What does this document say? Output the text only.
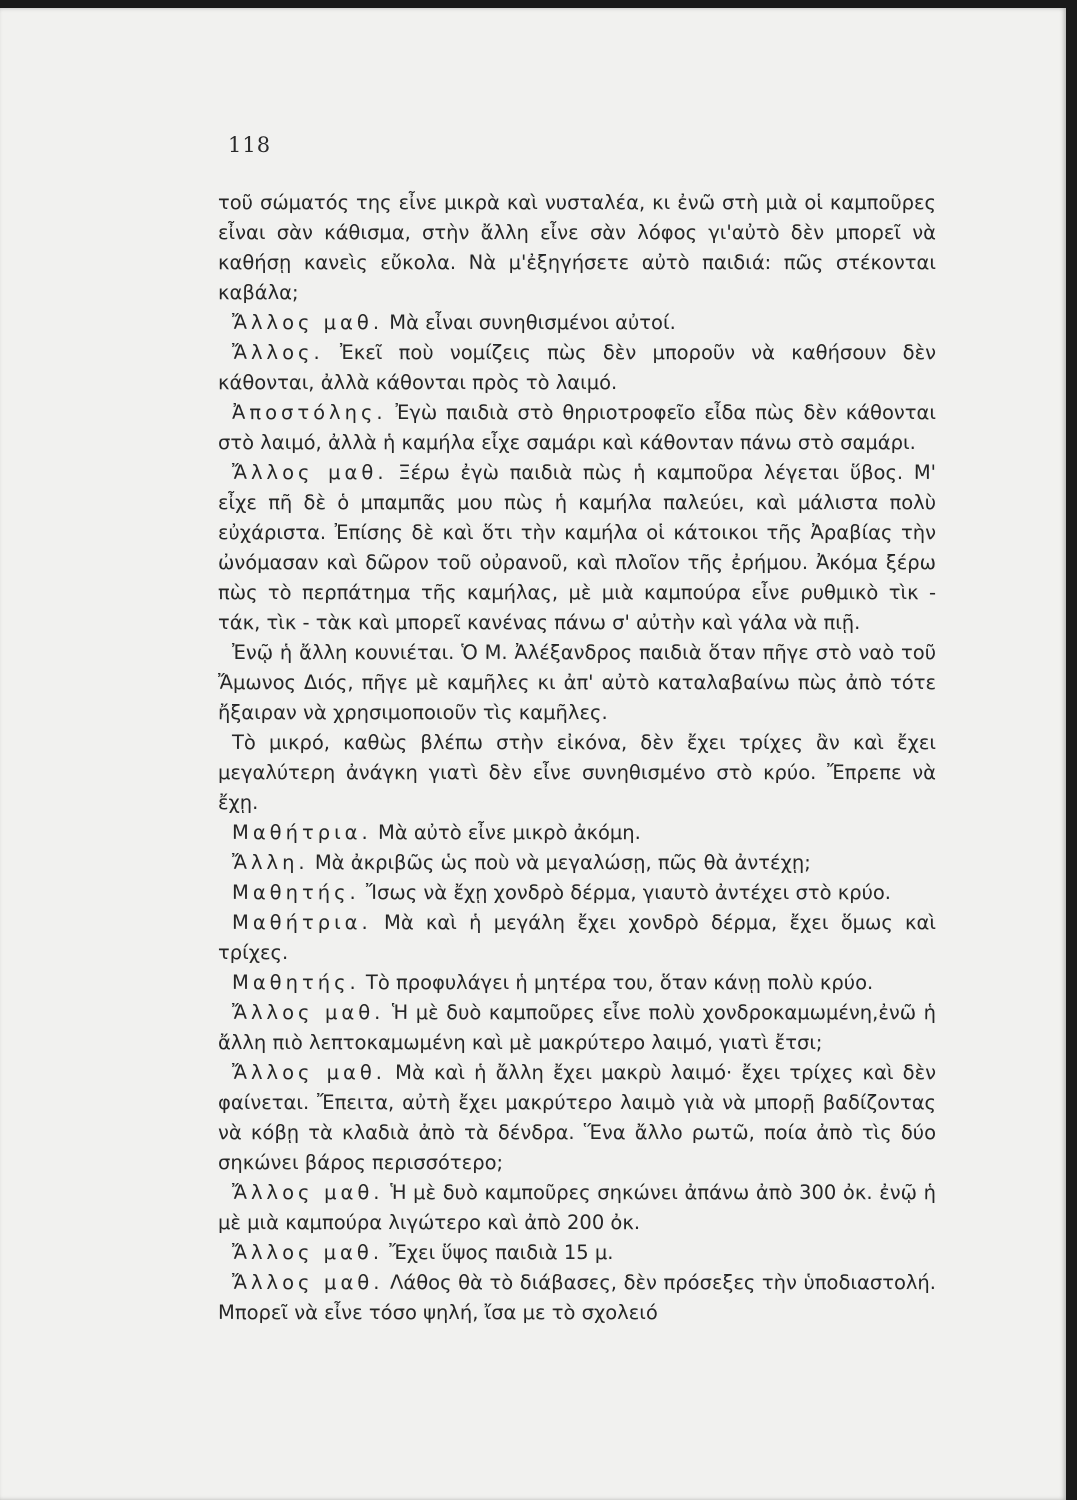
118

τοῦ σώματός της εἶνε μικρὰ καὶ νυσταλέα, κι ἐνῶ στὴ μιὰ οἱ καμποῦρες εἶναι σὰν κάθισμα, στὴν ἄλλη εἶνε σὰν λόφος γι'αὐτὸ δὲν μπορεῖ νὰ καθήσῃ κανεὶς εὔκολα. Νὰ μ'ἐξηγήσετε αὐτὸ παιδιά: πῶς στέκονται καβάλα;

Ἄλλος μαθ. Μὰ εἶναι συνηθισμένοι αὐτοί.

Ἄλλος. Ἐκεῖ ποὺ νομίζεις πὼς δὲν μποροῦν νὰ καθήσουν δὲν κάθονται, ἀλλὰ κάθονται πρὸς τὸ λαιμό.

Ἀποστόλης. Ἐγὼ παιδιὰ στὸ θηριοτροφεῖο εἶδα πὼς δὲν κάθονται στὸ λαιμό, ἀλλὰ ἡ καμήλα εἶχε σαμάρι καὶ κάθονταν πάνω στὸ σαμάρι.

Ἄλλος μαθ. Ξέρω ἐγὼ παιδιὰ πὼς ἡ καμποῦρα λέγεται ὕβος. Μ' εἶχε πῆ δὲ ὁ μπαμπᾶς μου πὼς ἡ καμήλα παλεύει, καὶ μάλιστα πολὺ εὐχάριστα. Ἐπίσης δὲ καὶ ὅτι τὴν καμήλα οἱ κάτοικοι τῆς Ἀραβίας τὴν ὠνόμασαν καὶ δῶρον τοῦ οὐρανοῦ, καὶ πλοῖον τῆς ἐρήμου. Ἀκόμα ξέρω πὼς τὸ περπάτημα τῆς καμήλας, μὲ μιὰ καμπούρα εἶνε ρυθμικὸ τὶκ - τάκ, τὶκ - τὰκ καὶ μπορεῖ κανένας πάνω σ' αὐτὴν καὶ γάλα νὰ πιῇ.

Ἐνῷ ἡ ἄλλη κουνιέται. Ὁ Μ. Ἀλέξανδρος παιδιὰ ὅταν πῆγε στὸ ναὸ τοῦ Ἄμωνος Διός, πῆγε μὲ καμῆλες κι ἀπ' αὐτὸ καταλαβαίνω πὼς ἀπὸ τότε ἤξαιραν νὰ χρησιμοποιοῦν τὶς καμῆλες.

Τὸ μικρό, καθὼς βλέπω στὴν εἰκόνα, δὲν ἔχει τρίχες ἂν καὶ ἔχει μεγαλύτερη ἀνάγκη γιατὶ δὲν εἶνε συνηθισμένο στὸ κρύο. Ἔπρεπε νὰ ἔχῃ.

Μαθήτρια. Μὰ αὐτὸ εἶνε μικρὸ ἀκόμη.

Ἄλλη. Μὰ ἀκριβῶς ὡς ποὺ νὰ μεγαλώσῃ, πῶς θὰ ἀντέχῃ;

Μαθητής. Ἴσως νὰ ἔχῃ χονδρὸ δέρμα, γιαυτὸ ἀντέχει στὸ κρύο.

Μαθήτρια. Μὰ καὶ ἡ μεγάλη ἔχει χονδρὸ δέρμα, ἔχει ὅμως καὶ τρίχες.

Μαθητής. Τὸ προφυλάγει ἡ μητέρα του, ὅταν κάνῃ πολὺ κρύο.

Ἄλλος μαθ. Ἡ μὲ δυὸ καμποῦρες εἶνε πολὺ χονδροκαμωμένη,ἐνῶ ἡ ἄλλη πιὸ λεπτοκαμωμένη καὶ μὲ μακρύτερο λαιμό, γιατὶ ἔτσι;

Ἄλλος μαθ. Μὰ καὶ ἡ ἄλλη ἔχει μακρὺ λαιμό· ἔχει τρίχες καὶ δὲν φαίνεται. Ἔπειτα, αὐτὴ ἔχει μακρύτερο λαιμὸ γιὰ νὰ μπορῇ βαδίζοντας νὰ κόβῃ τὰ κλαδιὰ ἀπὸ τὰ δένδρα. Ἕνα ἄλλο ρωτῶ, ποία ἀπὸ τὶς δύο σηκώνει βάρος περισσότερο;

Ἄλλος μαθ. Ἡ μὲ δυὸ καμποῦρες σηκώνει ἀπάνω ἀπὸ 300 ὀκ. ἐνῷ ἡ μὲ μιὰ καμπούρα λιγώτερο καὶ ἀπὸ 200 ὀκ.

Ἄλλος μαθ. Ἔχει ὕψος παιδιὰ 15 μ.

Ἄλλος μαθ. Λάθος θὰ τὸ διάβασες, δὲν πρόσεξες τὴν ὑποδιαστολή. Μπορεῖ νὰ εἶνε τόσο ψηλή, ἴσα με τὸ σχολειό
